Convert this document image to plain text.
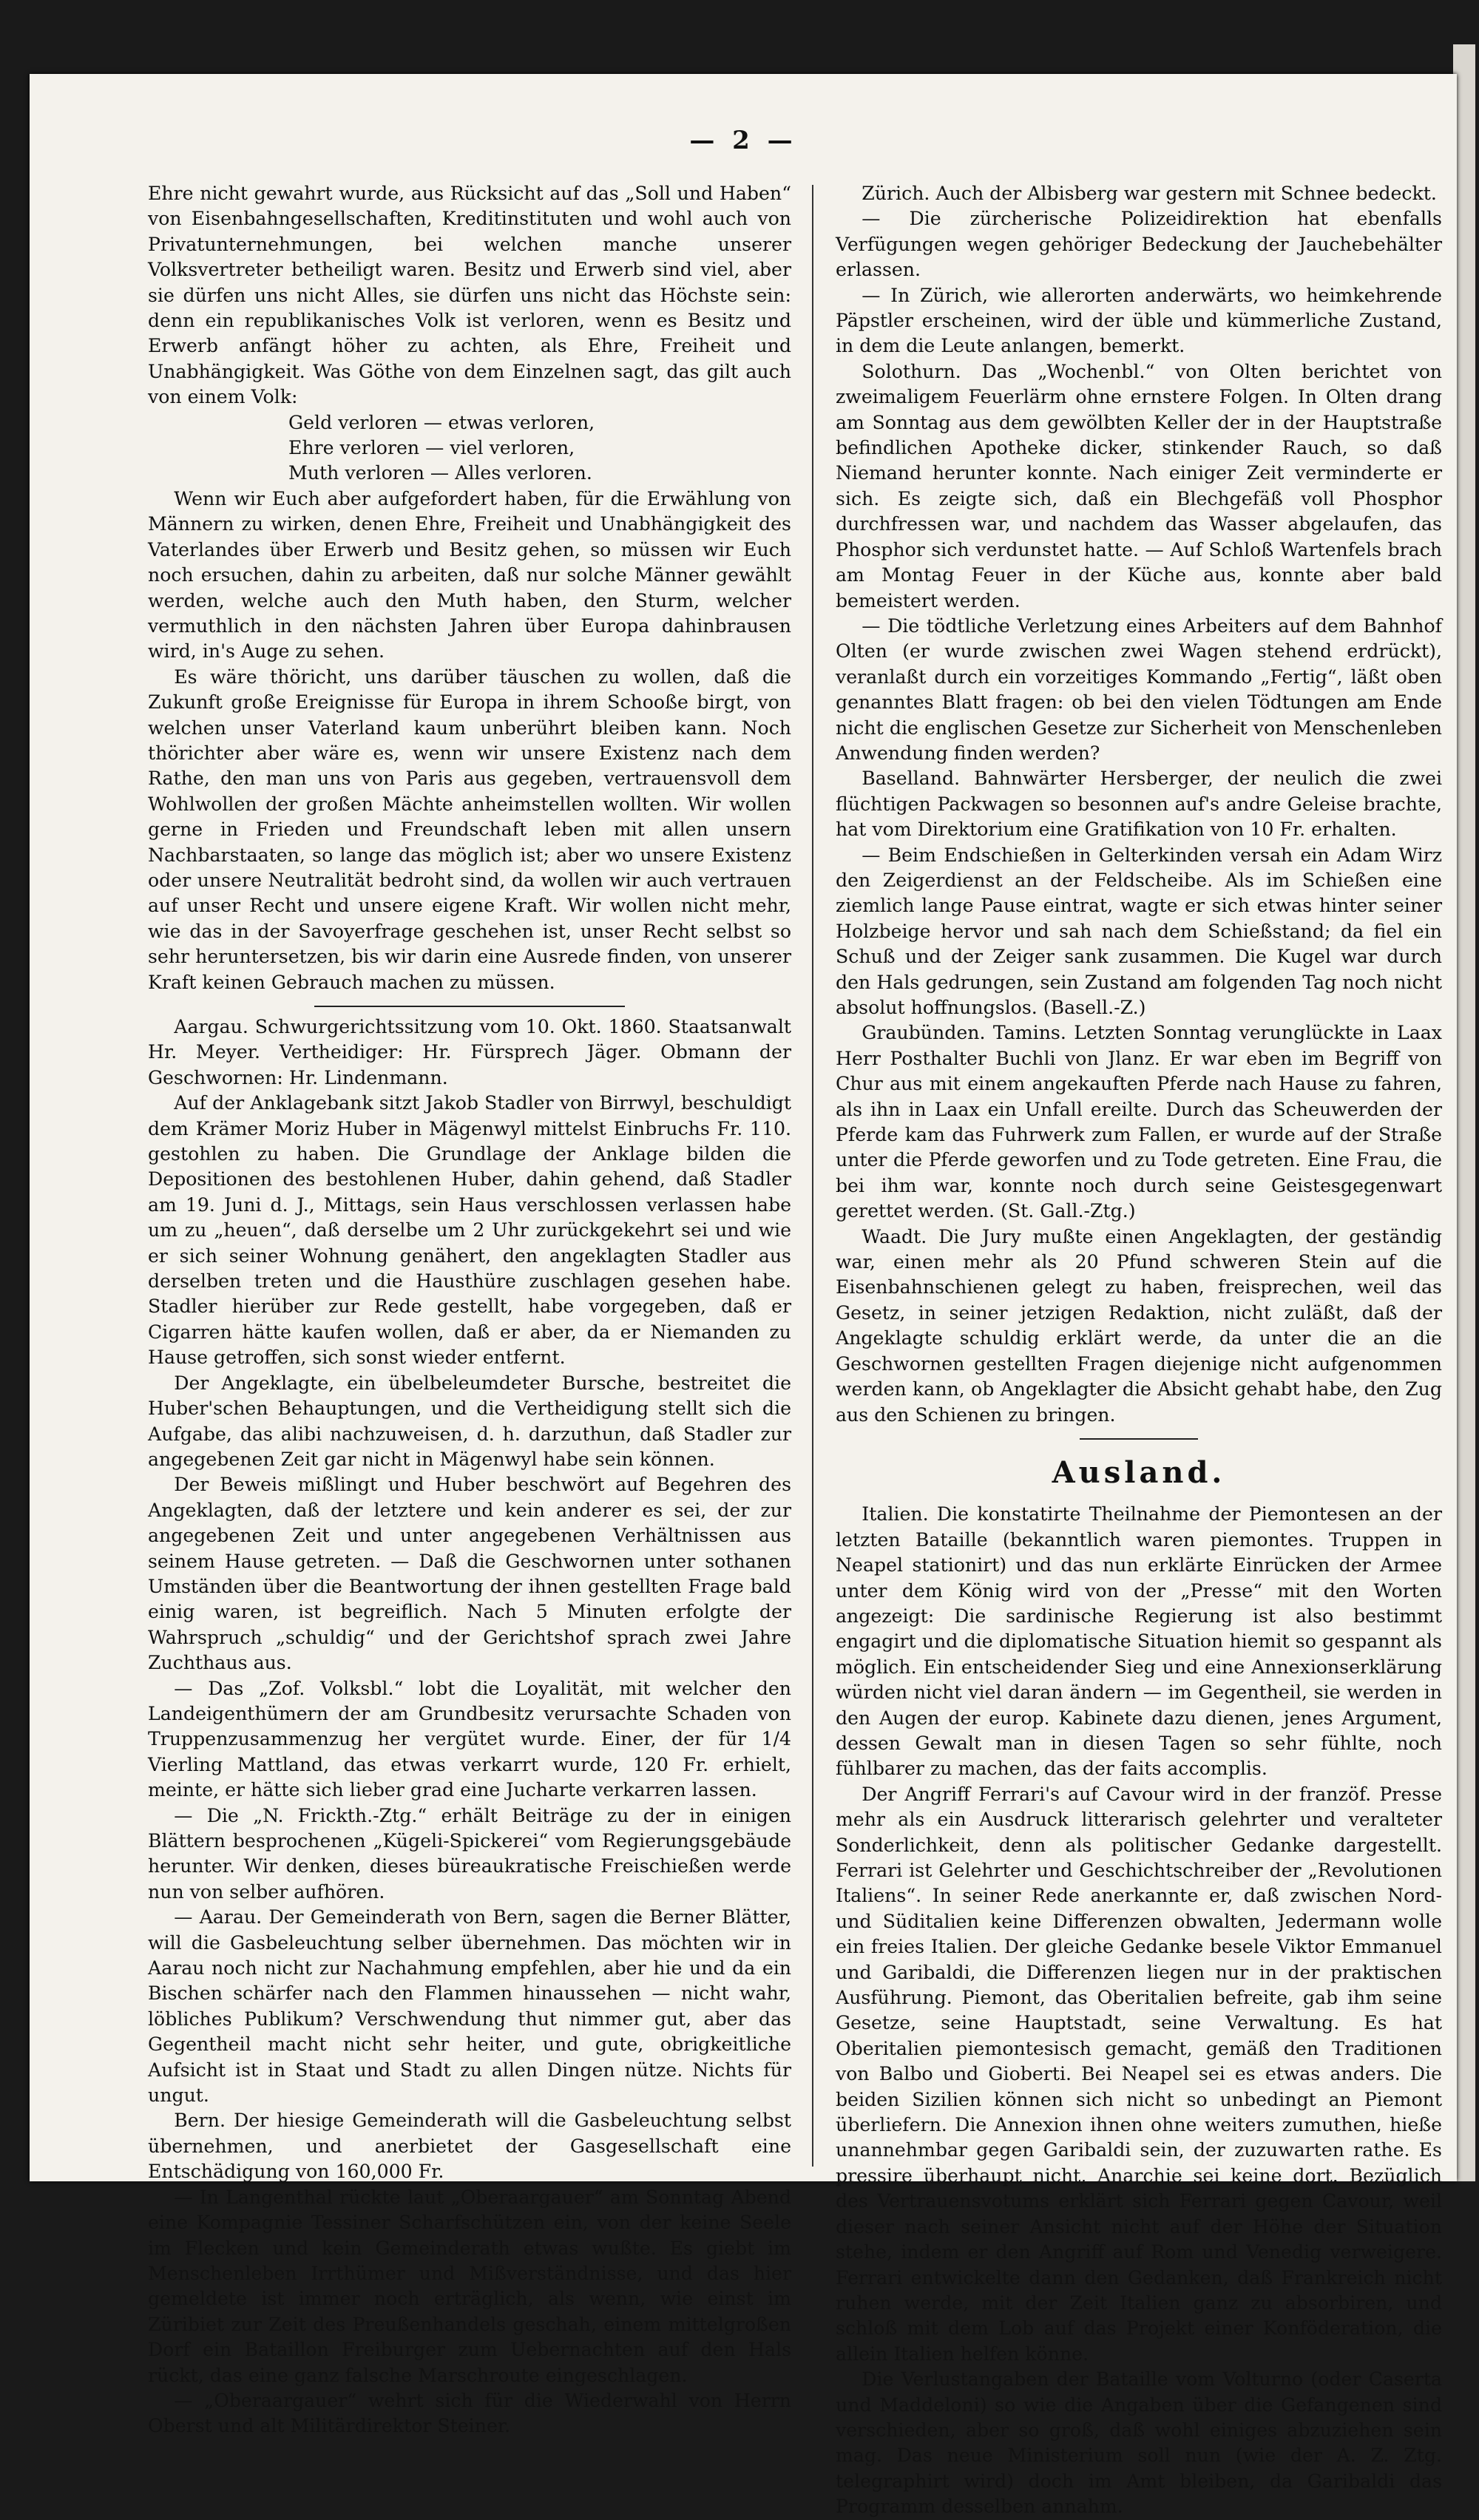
— 2 —

Ehre nicht gewahrt wurde, aus Rücksicht auf das „Soll und Haben“ von Eisenbahngesellschaften, Kreditinstituten und wohl auch von Privatunternehmungen, bei welchen manche unserer Volksvertreter betheiligt waren. Besitz und Erwerb sind viel, aber sie dürfen uns nicht Alles, sie dürfen uns nicht das Höchste sein: denn ein republikanisches Volk ist verloren, wenn es Besitz und Erwerb anfängt höher zu achten, als Ehre, Freiheit und Unabhängigkeit. Was Göthe von dem Einzelnen sagt, das gilt auch von einem Volk:

Geld verloren — etwas verloren,

Ehre verloren — viel verloren,

Muth verloren — Alles verloren.

Wenn wir Euch aber aufgefordert haben, für die Erwählung von Männern zu wirken, denen Ehre, Freiheit und Unabhängigkeit des Vaterlandes über Erwerb und Besitz gehen, so müssen wir Euch noch ersuchen, dahin zu arbeiten, daß nur solche Männer gewählt werden, welche auch den Muth haben, den Sturm, welcher vermuthlich in den nächsten Jahren über Europa dahinbrausen wird, in's Auge zu sehen.

Es wäre thöricht, uns darüber täuschen zu wollen, daß die Zukunft große Ereignisse für Europa in ihrem Schooße birgt, von welchen unser Vaterland kaum unberührt bleiben kann. Noch thörichter aber wäre es, wenn wir unsere Existenz nach dem Rathe, den man uns von Paris aus gegeben, vertrauensvoll dem Wohlwollen der großen Mächte anheimstellen wollten. Wir wollen gerne in Frieden und Freundschaft leben mit allen unsern Nachbarstaaten, so lange das möglich ist; aber wo unsere Existenz oder unsere Neutralität bedroht sind, da wollen wir auch vertrauen auf unser Recht und unsere eigene Kraft. Wir wollen nicht mehr, wie das in der Savoyerfrage geschehen ist, unser Recht selbst so sehr heruntersetzen, bis wir darin eine Ausrede finden, von unserer Kraft keinen Gebrauch machen zu müssen.

Aargau. Schwurgerichtssitzung vom 10. Okt. 1860. Staatsanwalt Hr. Meyer. Vertheidiger: Hr. Fürsprech Jäger. Obmann der Geschwornen: Hr. Lindenmann.

Auf der Anklagebank sitzt Jakob Stadler von Birrwyl, beschuldigt dem Krämer Moriz Huber in Mägenwyl mittelst Einbruchs Fr. 110. gestohlen zu haben. Die Grundlage der Anklage bilden die Depositionen des bestohlenen Huber, dahin gehend, daß Stadler am 19. Juni d. J., Mittags, sein Haus verschlossen verlassen habe um zu „heuen“, daß derselbe um 2 Uhr zurückgekehrt sei und wie er sich seiner Wohnung genähert, den angeklagten Stadler aus derselben treten und die Hausthüre zuschlagen gesehen habe. Stadler hierüber zur Rede gestellt, habe vorgegeben, daß er Cigarren hätte kaufen wollen, daß er aber, da er Niemanden zu Hause getroffen, sich sonst wieder entfernt.

Der Angeklagte, ein übelbeleumdeter Bursche, bestreitet die Huber'schen Behauptungen, und die Vertheidigung stellt sich die Aufgabe, das alibi nachzuweisen, d. h. darzuthun, daß Stadler zur angegebenen Zeit gar nicht in Mägenwyl habe sein können.

Der Beweis mißlingt und Huber beschwört auf Begehren des Angeklagten, daß der letztere und kein anderer es sei, der zur angegebenen Zeit und unter angegebenen Verhältnissen aus seinem Hause getreten. — Daß die Geschwornen unter sothanen Umständen über die Beantwortung der ihnen gestellten Frage bald einig waren, ist begreiflich. Nach 5 Minuten erfolgte der Wahrspruch „schuldig“ und der Gerichtshof sprach zwei Jahre Zuchthaus aus.

— Das „Zof. Volksbl.“ lobt die Loyalität, mit welcher den Landeigenthümern der am Grundbesitz verursachte Schaden von Truppenzusammenzug her vergütet wurde. Einer, der für 1/4 Vierling Mattland, das etwas verkarrt wurde, 120 Fr. erhielt, meinte, er hätte sich lieber grad eine Jucharte verkarren lassen.

— Die „N. Frickth.-Ztg.“ erhält Beiträge zu der in einigen Blättern besprochenen „Kügeli-Spickerei“ vom Regierungsgebäude herunter. Wir denken, dieses büreaukratische Freischießen werde nun von selber aufhören.

— Aarau. Der Gemeinderath von Bern, sagen die Berner Blätter, will die Gasbeleuchtung selber übernehmen. Das möchten wir in Aarau noch nicht zur Nachahmung empfehlen, aber hie und da ein Bischen schärfer nach den Flammen hinaussehen — nicht wahr, löbliches Publikum? Verschwendung thut nimmer gut, aber das Gegentheil macht nicht sehr heiter, und gute, obrigkeitliche Aufsicht ist in Staat und Stadt zu allen Dingen nütze. Nichts für ungut.

Bern. Der hiesige Gemeinderath will die Gasbeleuchtung selbst übernehmen, und anerbietet der Gasgesellschaft eine Entschädigung von 160,000 Fr.

— In Langenthal rückte laut „Oberaargauer“ am Sonntag Abend eine Kompagnie Tessiner Scharfschützen ein, von der keine Seele im Flecken und kein Gemeinderath etwas wußte. Es giebt im Menschenleben Irrthümer und Mißverständnisse, und das hier gemeldete ist immer noch erträglich, als wenn, wie einst im Züribiet zur Zeit des Preußenhandels geschah, einem mittelgroßen Dorf ein Bataillon Freiburger zum Uebernachten auf den Hals rückt, das eine ganz falsche Marschroute eingeschlagen.

— „Oberaargauer“ wehrt sich für die Wiederwahl von Herrn Oberst und alt Militärdirektor Steiner.

Zürich. Auch der Albisberg war gestern mit Schnee bedeckt.

— Die zürcherische Polizeidirektion hat ebenfalls Verfügungen wegen gehöriger Bedeckung der Jauchebehälter erlassen.

— In Zürich, wie allerorten anderwärts, wo heimkehrende Päpstler erscheinen, wird der üble und kümmerliche Zustand, in dem die Leute anlangen, bemerkt.

Solothurn. Das „Wochenbl.“ von Olten berichtet von zweimaligem Feuerlärm ohne ernstere Folgen. In Olten drang am Sonntag aus dem gewölbten Keller der in der Hauptstraße befindlichen Apotheke dicker, stinkender Rauch, so daß Niemand herunter konnte. Nach einiger Zeit verminderte er sich. Es zeigte sich, daß ein Blechgefäß voll Phosphor durchfressen war, und nachdem das Wasser abgelaufen, das Phosphor sich verdunstet hatte. — Auf Schloß Wartenfels brach am Montag Feuer in der Küche aus, konnte aber bald bemeistert werden.

— Die tödtliche Verletzung eines Arbeiters auf dem Bahnhof Olten (er wurde zwischen zwei Wagen stehend erdrückt), veranlaßt durch ein vorzeitiges Kommando „Fertig“, läßt oben genanntes Blatt fragen: ob bei den vielen Tödtungen am Ende nicht die englischen Gesetze zur Sicherheit von Menschenleben Anwendung finden werden?

Baselland. Bahnwärter Hersberger, der neulich die zwei flüchtigen Packwagen so besonnen auf's andre Geleise brachte, hat vom Direktorium eine Gratifikation von 10 Fr. erhalten.

— Beim Endschießen in Gelterkinden versah ein Adam Wirz den Zeigerdienst an der Feldscheibe. Als im Schießen eine ziemlich lange Pause eintrat, wagte er sich etwas hinter seiner Holzbeige hervor und sah nach dem Schießstand; da fiel ein Schuß und der Zeiger sank zusammen. Die Kugel war durch den Hals gedrungen, sein Zustand am folgenden Tag noch nicht absolut hoffnungslos. (Basell.-Z.)

Graubünden. Tamins. Letzten Sonntag verunglückte in Laax Herr Posthalter Buchli von Jlanz. Er war eben im Begriff von Chur aus mit einem angekauften Pferde nach Hause zu fahren, als ihn in Laax ein Unfall ereilte. Durch das Scheuwerden der Pferde kam das Fuhrwerk zum Fallen, er wurde auf der Straße unter die Pferde geworfen und zu Tode getreten. Eine Frau, die bei ihm war, konnte noch durch seine Geistesgegenwart gerettet werden. (St. Gall.-Ztg.)

Waadt. Die Jury mußte einen Angeklagten, der geständig war, einen mehr als 20 Pfund schweren Stein auf die Eisenbahnschienen gelegt zu haben, freisprechen, weil das Gesetz, in seiner jetzigen Redaktion, nicht zuläßt, daß der Angeklagte schuldig erklärt werde, da unter die an die Geschwornen gestellten Fragen diejenige nicht aufgenommen werden kann, ob Angeklagter die Absicht gehabt habe, den Zug aus den Schienen zu bringen.

Ausland.

Italien. Die konstatirte Theilnahme der Piemontesen an der letzten Bataille (bekanntlich waren piemontes. Truppen in Neapel stationirt) und das nun erklärte Einrücken der Armee unter dem König wird von der „Presse“ mit den Worten angezeigt: Die sardinische Regierung ist also bestimmt engagirt und die diplomatische Situation hiemit so gespannt als möglich. Ein entscheidender Sieg und eine Annexionserklärung würden nicht viel daran ändern — im Gegentheil, sie werden in den Augen der europ. Kabinete dazu dienen, jenes Argument, dessen Gewalt man in diesen Tagen so sehr fühlte, noch fühlbarer zu machen, das der faits accomplis.

Der Angriff Ferrari's auf Cavour wird in der franzöf. Presse mehr als ein Ausdruck litterarisch gelehrter und veralteter Sonderlichkeit, denn als politischer Gedanke dargestellt. Ferrari ist Gelehrter und Geschichtschreiber der „Revolutionen Italiens“. In seiner Rede anerkannte er, daß zwischen Nord- und Süditalien keine Differenzen obwalten, Jedermann wolle ein freies Italien. Der gleiche Gedanke besele Viktor Emmanuel und Garibaldi, die Differenzen liegen nur in der praktischen Ausführung. Piemont, das Oberitalien befreite, gab ihm seine Gesetze, seine Hauptstadt, seine Verwaltung. Es hat Oberitalien piemontesisch gemacht, gemäß den Traditionen von Balbo und Gioberti. Bei Neapel sei es etwas anders. Die beiden Sizilien können sich nicht so unbedingt an Piemont überliefern. Die Annexion ihnen ohne weiters zumuthen, hieße unannehmbar gegen Garibaldi sein, der zuzuwarten rathe. Es pressire überhaupt nicht, Anarchie sei keine dort. Bezüglich des Vertrauensvotums erklärt sich Ferrari gegen Cavour, weil dieser nach seiner Ansicht nicht auf der Höhe der Situation stehe, indem er den Angriff auf Rom und Venedig verweigere. Ferrari entwickelte dann den Gedanken, daß Frankreich nicht ruhen werde, mit der Zeit Italien ganz zu absorbiren, und schloß mit dem Lob auf das Projekt einer Konföderation, die allein Italien helfen könne.

Die Verlustangaben der Bataille vom Volturno (oder Caserta und Maddeloni) so wie die Angaben über die Gefangenen sind verschieden, aber so groß, daß wohl einiges abzuziehen sein mag. Das neue Ministerium soll nun (wie der A. Z. Ztg. telegraphirt wird) doch im Amt bleiben, da Garibaldi das Programm desselben annahm.
